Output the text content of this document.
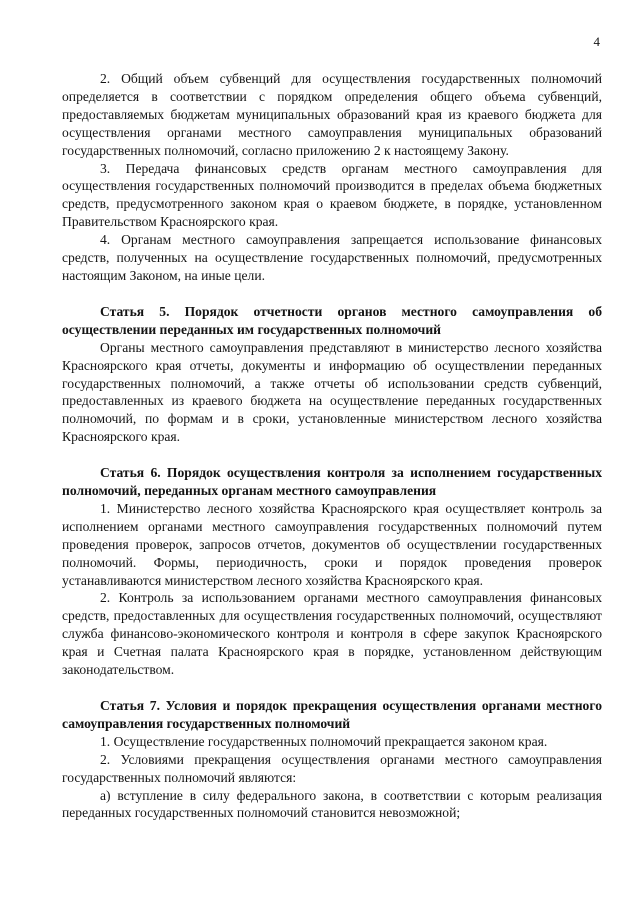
4

2. Общий объем субвенций для осуществления государственных полномочий определяется в соответствии с порядком определения общего объема субвенций, предоставляемых бюджетам муниципальных образований края из краевого бюджета для осуществления органами местного самоуправления муниципальных образований государственных полномочий, согласно приложению 2 к настоящему Закону.

3. Передача финансовых средств органам местного самоуправления для осуществления государственных полномочий производится в пределах объема бюджетных средств, предусмотренного законом края о краевом бюджете, в порядке, установленном Правительством Красноярского края.

4. Органам местного самоуправления запрещается использование финансовых средств, полученных на осуществление государственных полномочий, предусмотренных настоящим Законом, на иные цели.

Статья 5. Порядок отчетности органов местного самоуправления об осуществлении переданных им государственных полномочий

Органы местного самоуправления представляют в министерство лесного хозяйства Красноярского края отчеты, документы и информацию об осуществлении переданных государственных полномочий, а также отчеты об использовании средств субвенций, предоставленных из краевого бюджета на осуществление переданных государственных полномочий, по формам и в сроки, установленные министерством лесного хозяйства Красноярского края.

Статья 6. Порядок осуществления контроля за исполнением государственных полномочий, переданных органам местного самоуправления

1. Министерство лесного хозяйства Красноярского края осуществляет контроль за исполнением органами местного самоуправления государственных полномочий путем проведения проверок, запросов отчетов, документов об осуществлении государственных полномочий. Формы, периодичность, сроки и порядок проведения проверок устанавливаются министерством лесного хозяйства Красноярского края.

2. Контроль за использованием органами местного самоуправления финансовых средств, предоставленных для осуществления государственных полномочий, осуществляют служба финансово-экономического контроля и контроля в сфере закупок Красноярского края и Счетная палата Красноярского края в порядке, установленном действующим законодательством.

Статья 7. Условия и порядок прекращения осуществления органами местного самоуправления государственных полномочий

1. Осуществление государственных полномочий прекращается законом края.

2. Условиями прекращения осуществления органами местного самоуправления государственных полномочий являются:

а) вступление в силу федерального закона, в соответствии с которым реализация переданных государственных полномочий становится невозможной;
